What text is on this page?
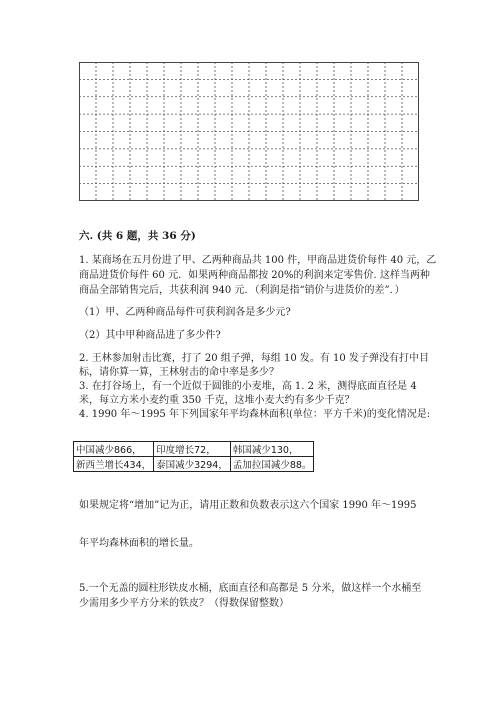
六. (共 6 题，共 36 分)
1. 某商场在五月份进了甲、乙两种商品共 100 件，甲商品进货价每件 40 元，乙
商品进货价每件 60 元．如果两种商品都按 20%的利润来定零售价. 这样当两种
商品全部销售完后，共获利润 940 元．（利润是指“销价与进货价的差”．）
（1）甲、乙两种商品每件可获利润各是多少元?
（2）其中甲种商品进了多少件?
2. 王林参加射击比赛，打了 20 组子弹，每组 10 发。有 10 发子弹没有打中目
标，请你算一算，王林射击的命中率是多少？
3. 在打谷场上，有一个近似于圆锥的小麦堆，高 1. 2 米，测得底面直径是 4
米，每立方米小麦约重 350 千克，这堆小麦大约有多少千克？
4. 1990 年～1995 年下列国家年平均森林面积(单位：平方千米)的变化情况是:
中国减少866，	印度增长72，	韩国减少130，
新西兰增长434，	泰国减少3294，	孟加拉国减少88。
如果规定将“增加”记为正，请用正数和负数表示这六个国家 1990 年～1995
年平均森林面积的增长量。
5.一个无盖的圆柱形铁皮水桶，底面直径和高都是 5 分米，做这样一个水桶至
少需用多少平方分米的铁皮？（得数保留整数）
